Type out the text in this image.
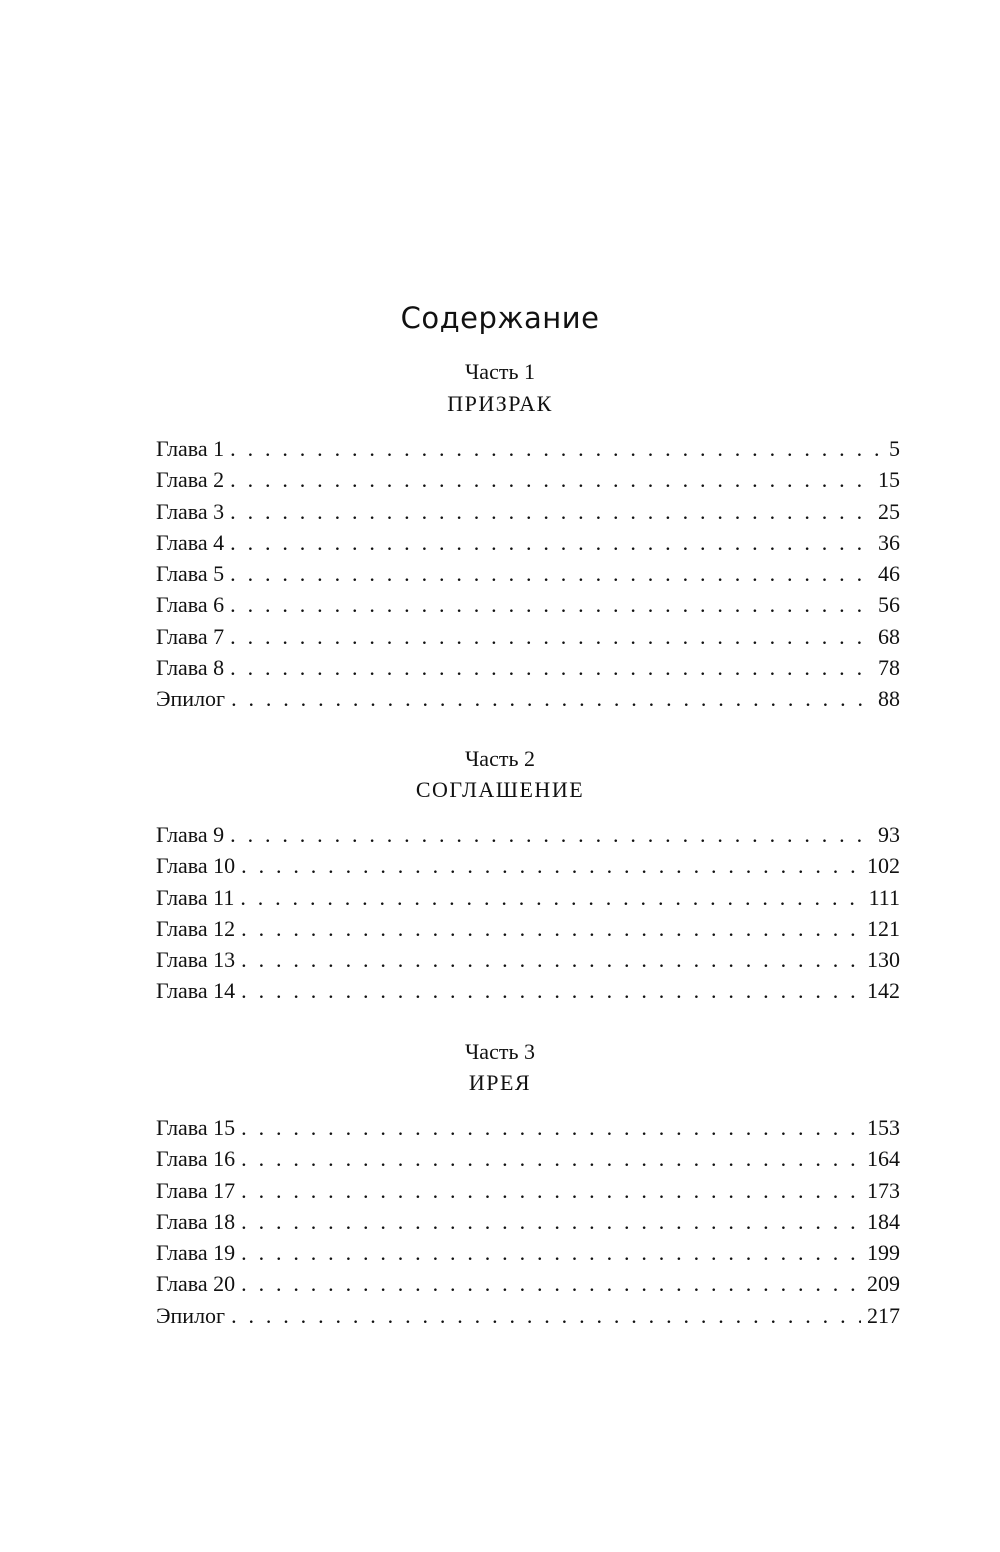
Содержание
Часть 1
ПРИЗРАК
Глава 1 . . .	5
Глава 2 . . .	15
Глава 3 . . .	25
Глава 4 . . .	36
Глава 5 . . .	46
Глава 6 . . .	56
Глава 7 . . .	68
Глава 8 . . .	78
Эпилог . . .	88
Часть 2
СОГЛАШЕНИЕ
Глава 9 . . .	93
Глава 10 . . .	102
Глава 11 . . .	111
Глава 12 . . .	121
Глава 13 . . .	130
Глава 14 . . .	142
Часть 3
ИРЕЯ
Глава 15 . . .	153
Глава 16 . . .	164
Глава 17 . . .	173
Глава 18 . . .	184
Глава 19 . . .	199
Глава 20 . . .	209
Эпилог . . .	217
